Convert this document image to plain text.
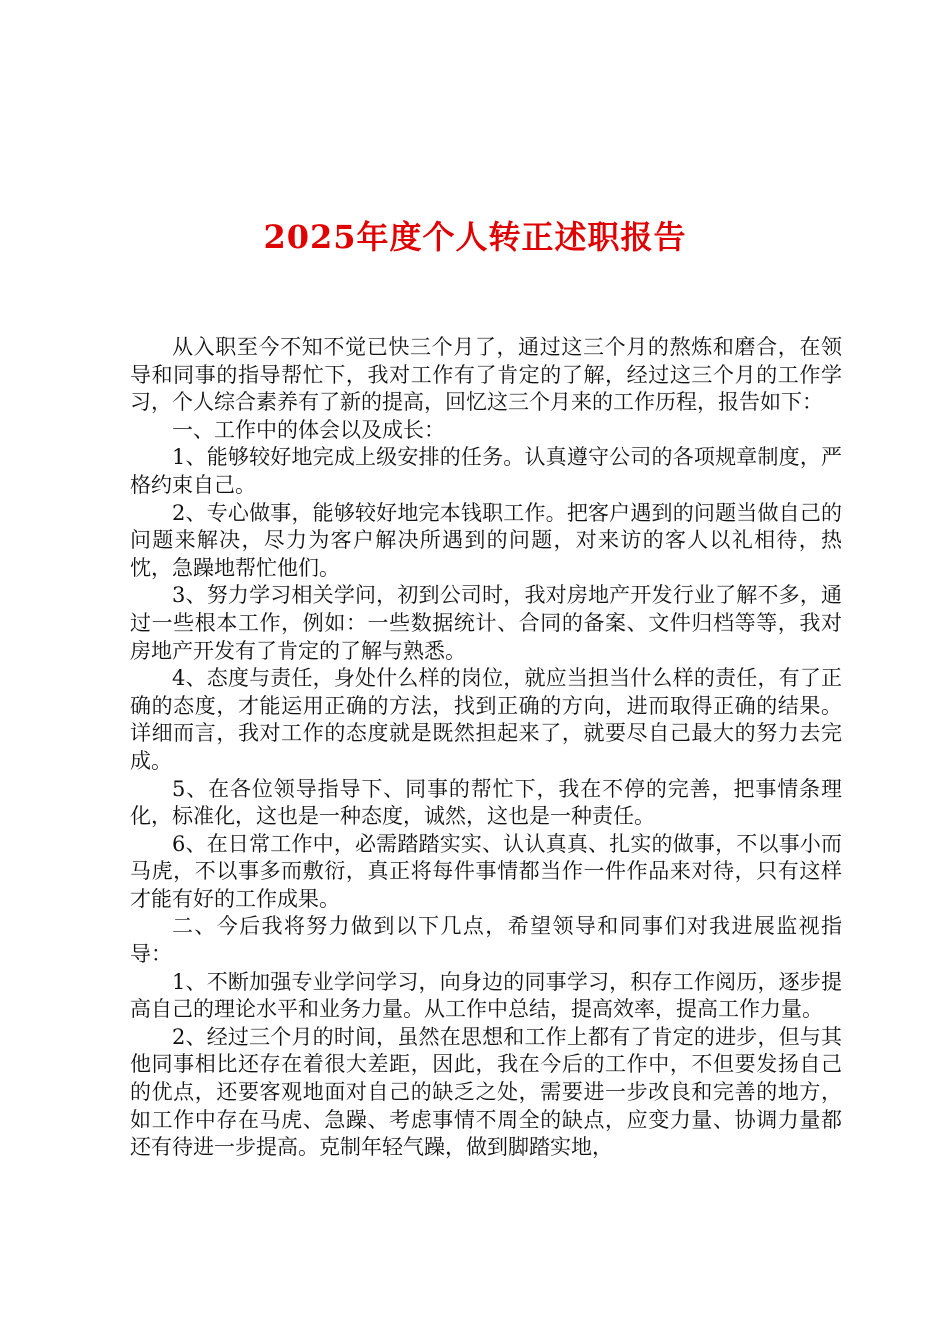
2025年度个人转正述职报告

从入职至今不知不觉已快三个月了，通过这三个月的熬炼和磨合，在领导和同事的指导帮忙下，我对工作有了肯定的了解，经过这三个月的工作学习，个人综合素养有了新的提高，回忆这三个月来的工作历程，报告如下：

一、工作中的体会以及成长：

1、能够较好地完成上级安排的任务。认真遵守公司的各项规章制度，严格约束自己。

2、专心做事，能够较好地完本钱职工作。把客户遇到的问题当做自己的问题来解决，尽力为客户解决所遇到的问题，对来访的客人以礼相待，热忱，急躁地帮忙他们。

3、努力学习相关学问，初到公司时，我对房地产开发行业了解不多，通过一些根本工作，例如：一些数据统计、合同的备案、文件归档等等，我对房地产开发有了肯定的了解与熟悉。

4、态度与责任，身处什么样的岗位，就应当担当什么样的责任，有了正确的态度，才能运用正确的方法，找到正确的方向，进而取得正确的结果。详细而言，我对工作的态度就是既然担起来了，就要尽自己最大的努力去完成。

5、在各位领导指导下、同事的帮忙下，我在不停的完善，把事情条理化，标准化，这也是一种态度，诚然，这也是一种责任。

6、在日常工作中，必需踏踏实实、认认真真、扎实的做事，不以事小而马虎，不以事多而敷衍，真正将每件事情都当作一件作品来对待，只有这样才能有好的工作成果。

二、今后我将努力做到以下几点，希望领导和同事们对我进展监视指导：

1、不断加强专业学问学习，向身边的同事学习，积存工作阅历，逐步提高自己的理论水平和业务力量。从工作中总结，提高效率，提高工作力量。

2、经过三个月的时间，虽然在思想和工作上都有了肯定的进步，但与其他同事相比还存在着很大差距，因此，我在今后的工作中，不但要发扬自己的优点，还要客观地面对自己的缺乏之处，需要进一步改良和完善的地方，如工作中存在马虎、急躁、考虑事情不周全的缺点，应变力量、协调力量都还有待进一步提高。克制年轻气躁，做到脚踏实地，
